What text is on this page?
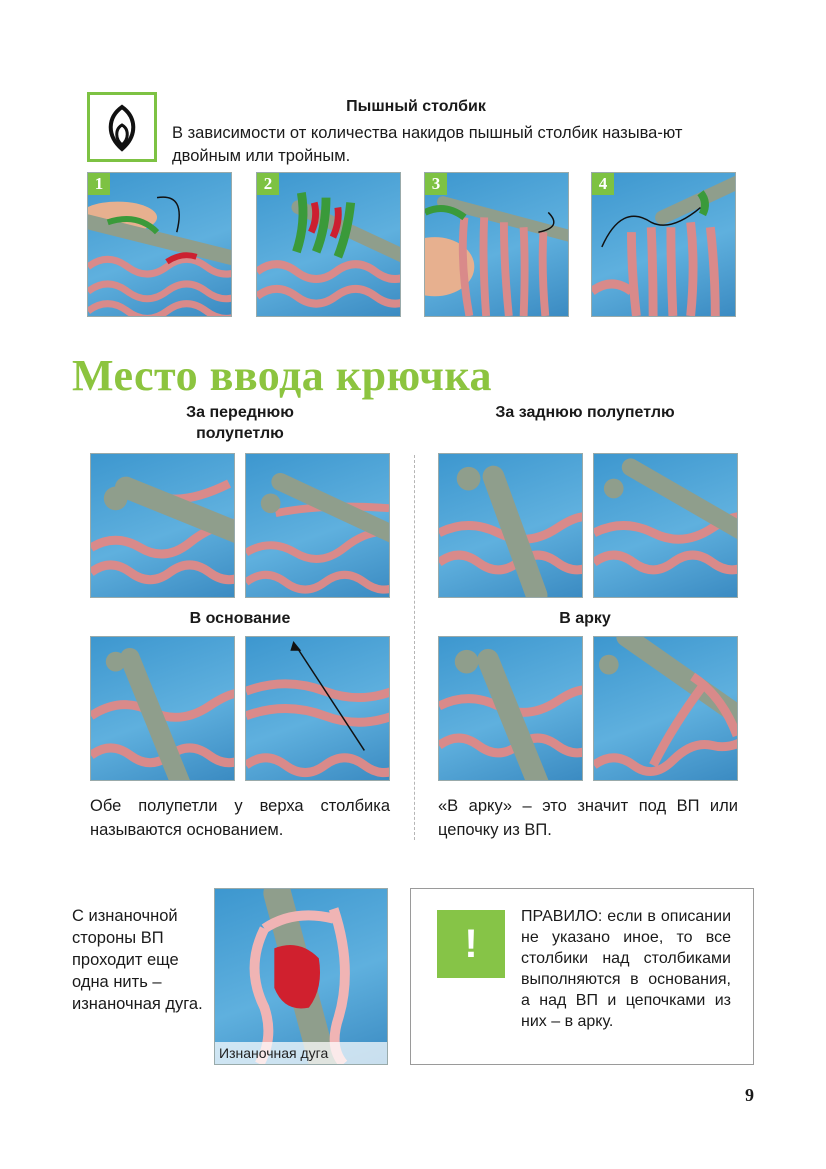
Пышный столбик
В зависимости от количества накидов пышный столбик называ-ют двойным или тройным.
1	2	3	4
Место ввода крючка
За переднюю полупетлю
За заднюю полупетлю
В основание	В арку
Обе полупетли у верха столбика называются основанием.
«В арку» – это значит под ВП или цепочку из ВП.
С изнаночной стороны ВП проходит еще одна нить – изнаночная дуга.
Изнаночная дуга
!
ПРАВИЛО: если в описании не указано иное, то все столбики над столбиками выполняются в основания, а над ВП и цепочками из них – в арку.
9
